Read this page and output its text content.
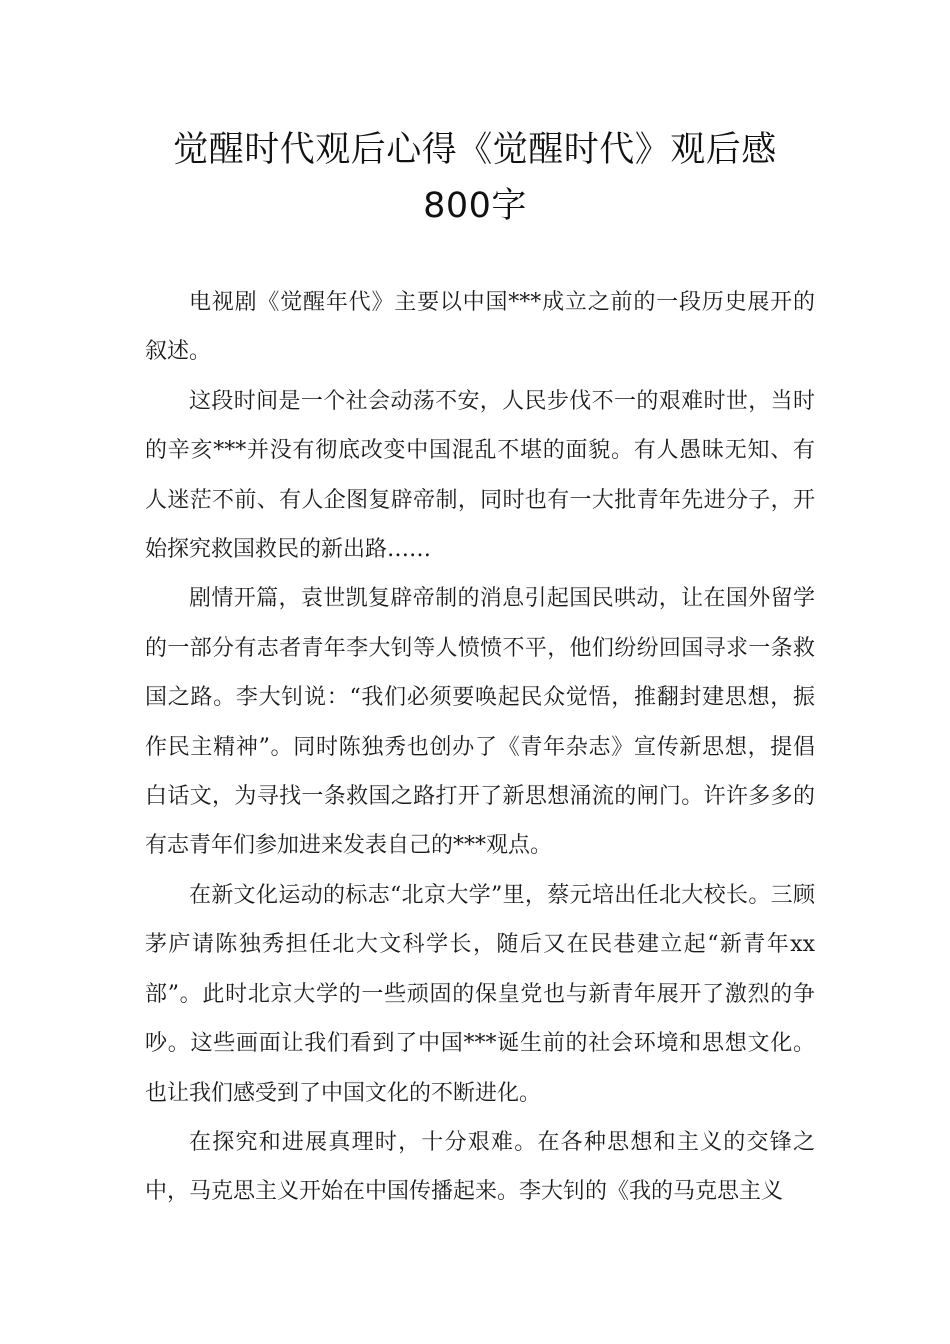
觉醒时代观后心得《觉醒时代》观后感
800字

电视剧《觉醒年代》主要以中国***成立之前的一段历史展开的叙述。

这段时间是一个社会动荡不安，人民步伐不一的艰难时世，当时的辛亥***并没有彻底改变中国混乱不堪的面貌。有人愚昧无知、有人迷茫不前、有人企图复辟帝制，同时也有一大批青年先进分子，开始探究救国救民的新出路……

剧情开篇，袁世凯复辟帝制的消息引起国民哄动，让在国外留学的一部分有志者青年李大钊等人愤愤不平，他们纷纷回国寻求一条救国之路。李大钊说：“我们必须要唤起民众觉悟，推翻封建思想，振作民主精神”。同时陈独秀也创办了《青年杂志》宣传新思想，提倡白话文，为寻找一条救国之路打开了新思想涌流的闸门。许许多多的有志青年们参加进来发表自己的***观点。

在新文化运动的标志“北京大学”里，蔡元培出任北大校长。三顾茅庐请陈独秀担任北大文科学长，随后又在民巷建立起“新青年xx部”。此时北京大学的一些顽固的保皇党也与新青年展开了激烈的争吵。这些画面让我们看到了中国***诞生前的社会环境和思想文化。也让我们感受到了中国文化的不断进化。

在探究和进展真理时，十分艰难。在各种思想和主义的交锋之中，马克思主义开始在中国传播起来。李大钊的《我的马克思主义
